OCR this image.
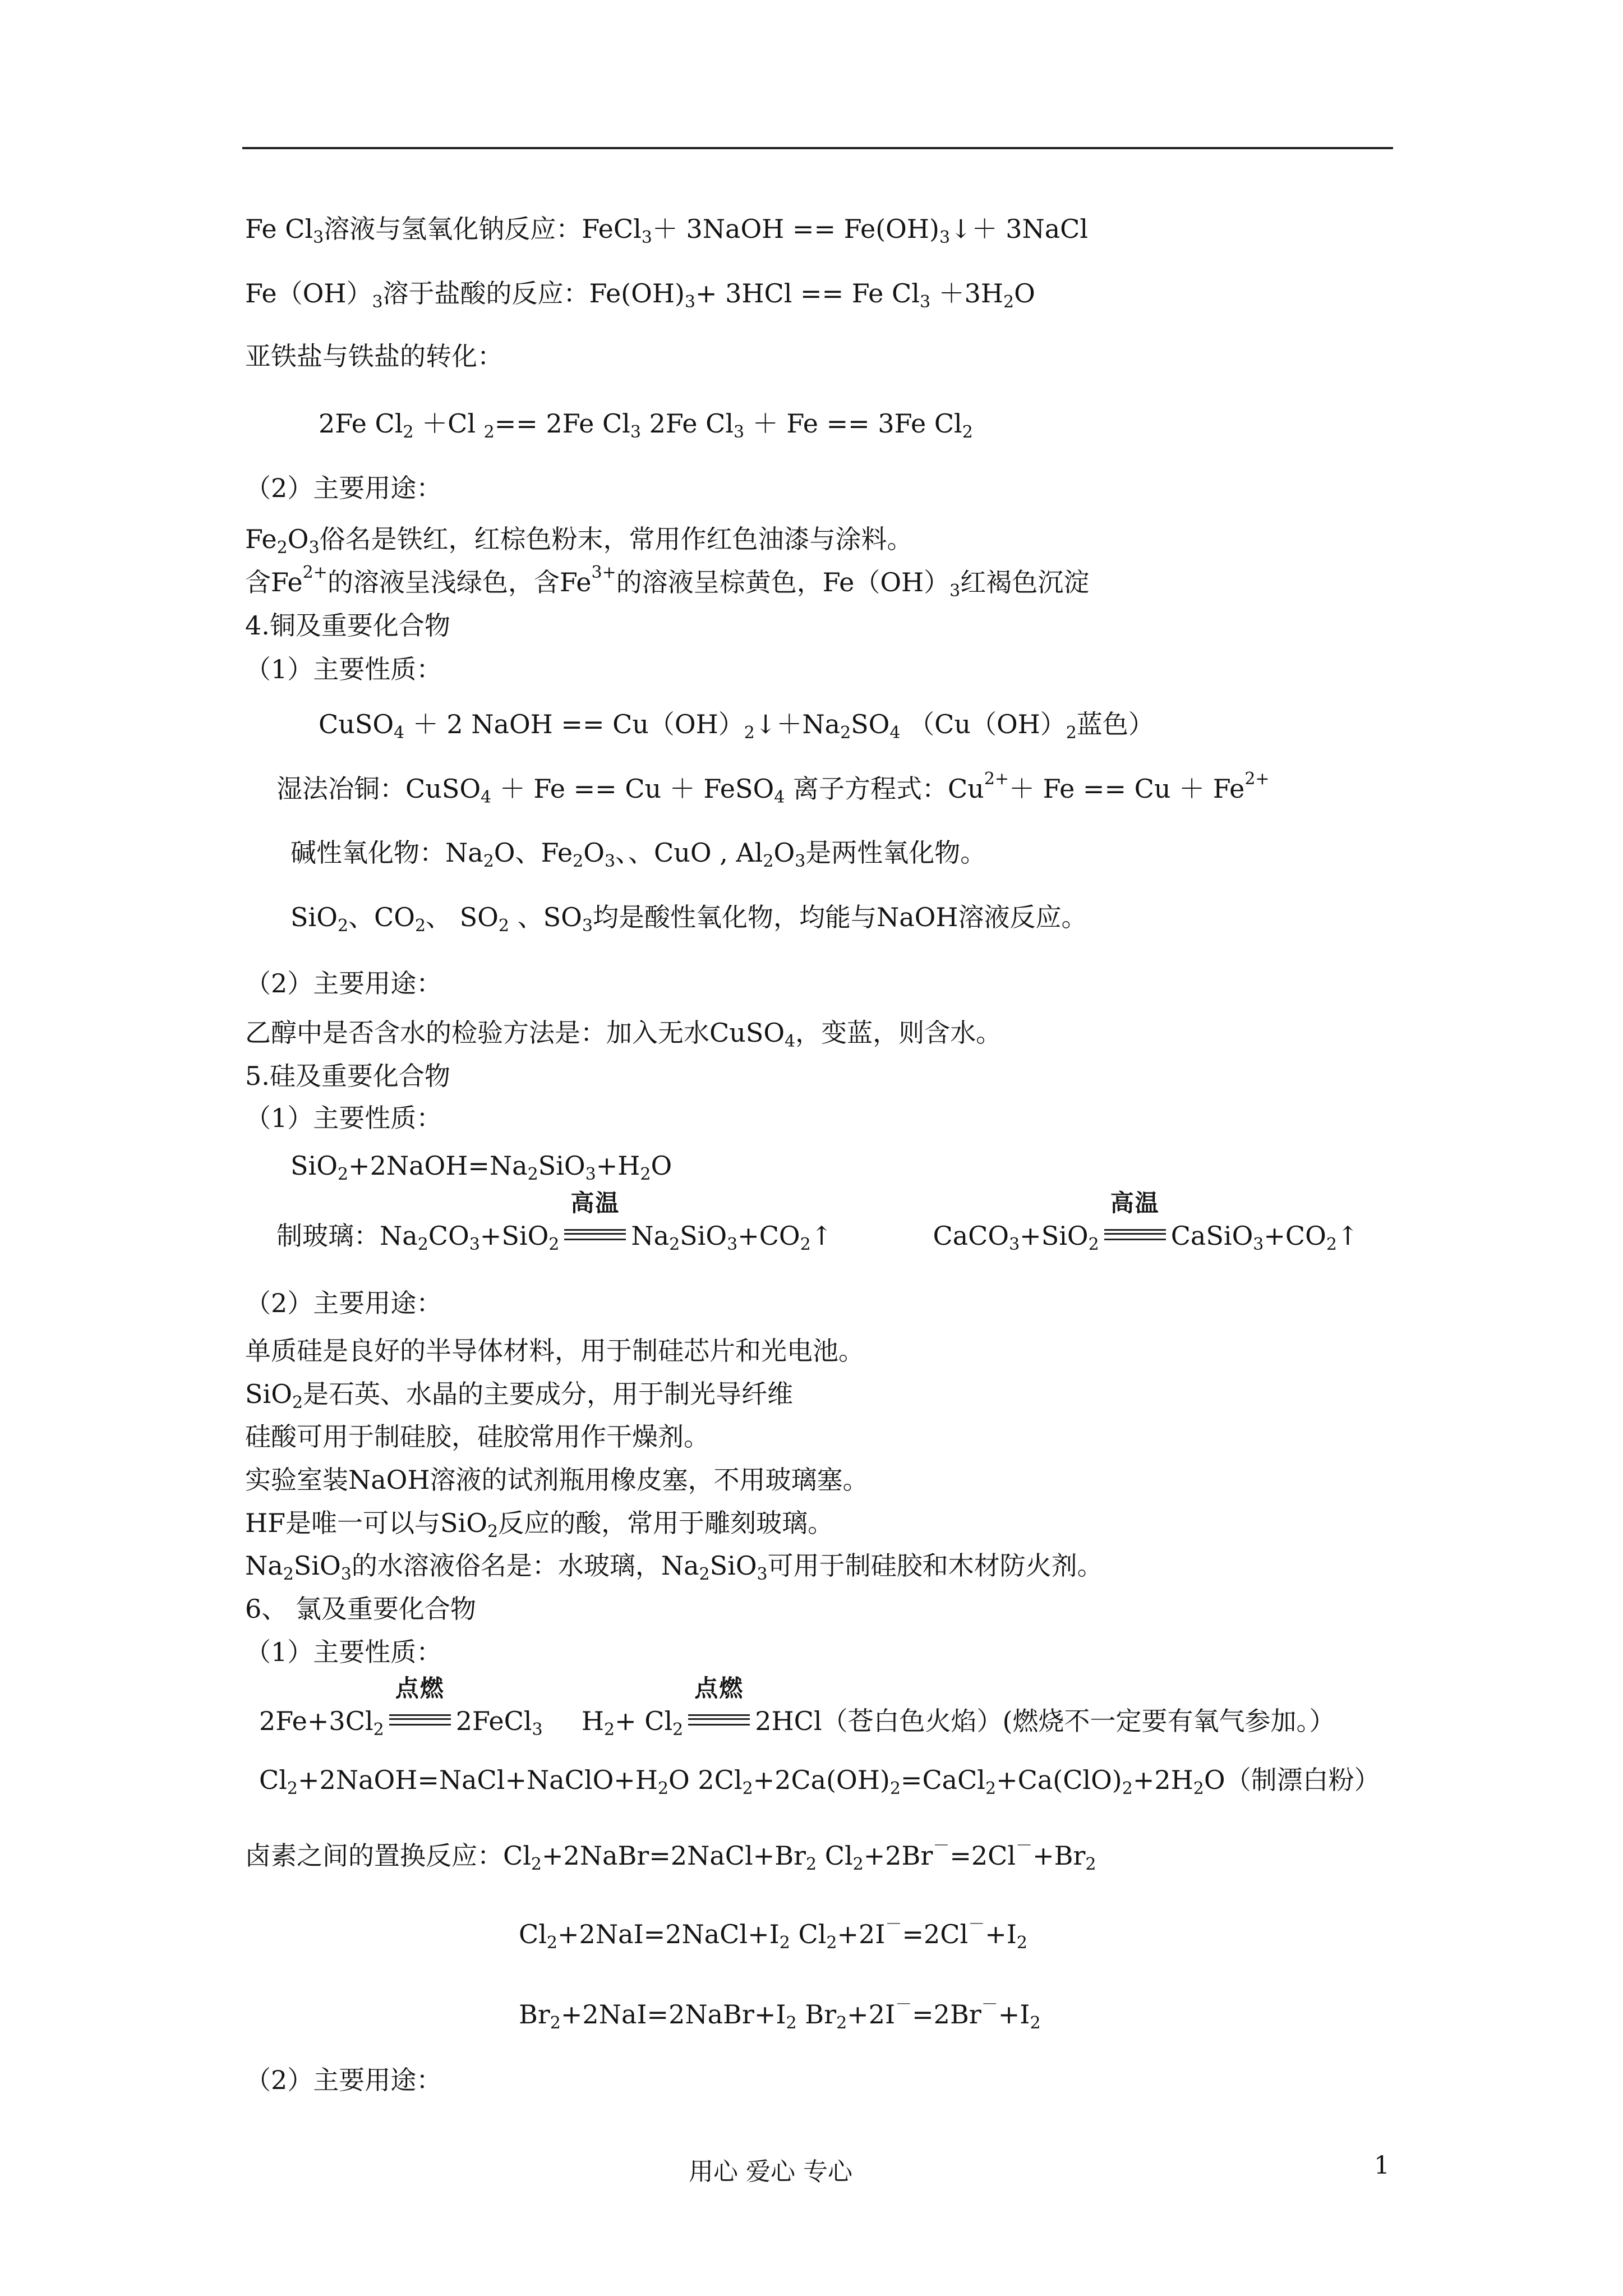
Fe $Cl_3$溶液与氢氧化钠反应：FeCl$_3$＋ 3NaOH == $Fe(OH)_3↓+$ 3NaCl
$Fe(OH)_3$溶于盐酸的反应：$Fe(OH)_3+ 3HCl == Fe$ $Cl_3 +3H_2O$
亚铁盐与铁盐的转化：
2Fe $Cl_2 +Cl$ $_2$== 2Fe $Cl_3$ 2Fe $Cl_3 + Fe == 3Fe$ $Cl_2$
（2）主要用途：
$Fe_2O_3$俗名是铁红，红棕色粉末，常用作红色油漆与涂料。
含$Fe^{2+}$的溶液呈浅绿色，含$Fe^{3+}$的溶液呈棕黄色，$Fe(OH)_3$红褐色沉淀
4.铜及重要化合物
（1）主要性质：
CuSO$_4$ ＋ 2 NaOH == $Cu(OH)_2↓+Na_2SO_4$ （$Cu(OH)_2$蓝色）
湿法冶铜：CuSO$_4$ ＋ Fe == Cu ＋ FeSO$_4$ 离子方程式：$Cu^{2+}+ Fe == Cu + Fe^{2+}$
碱性氧化物：$Na_2O$、$Fe_2O_3$、、CuO , $Al_2O_3$是两性氧化物。
SiO$_2$、$CO_2$、 $SO_2$ 、$SO_3$均是酸性氧化物，均能与NaOH溶液反应。
（2）主要用途：
乙醇中是否含水的检验方法是：加入无水CuSO$_4$，变蓝，则含水。
5.硅及重要化合物
（1）主要性质：
$SiO_2+2NaOH=Na_2SiO_3+H_2O$
（2）主要用途：
单质硅是良好的半导体材料，用于制硅芯片和光电池。
SiO$_2$是石英、水晶的主要成分，用于制光导纤维
硅酸可用于制硅胶，硅胶常用作干燥剂。
实验室装NaOH溶液的试剂瓶用橡皮塞，不用玻璃塞。
HF是唯一可以与SiO$_2$反应的酸，常用于雕刻玻璃。
$Na_2SiO_3$的水溶液俗名是：水玻璃，$Na_2SiO_3$可用于制硅胶和木材防火剂。
6、 氯及重要化合物
（1）主要性质：
$Cl_2+2NaOH=NaCl+NaClO+H_2O$ $2Cl_2+2Ca(OH)_2=CaCl_2+Ca(ClO)_2+2H_2O$（制漂白粉）
卤素之间的置换反应：$Cl_2+2NaBr=2NaCl+Br_2$ $Cl_2+2Br^-=2Cl^-+Br_2$
$Cl_2+2NaI=2NaCl+I_2$ $Cl_2+2I^-=2Cl^-+I_2$
$Br_2+2NaI=2NaBr+I_2$ $Br_2+2I^-=2Br^-+I_2$
（2）主要用途：
制玻璃：$Na_2CO_3+SiO_2$
高温
$Na_2SiO_3+CO_2↑$	CaCO$_3$+SiO$_2$
高温
$CaSiO_3+CO_2↑$
$2Fe+3Cl_2$
点燃
2FeCl$_3$ $H_2+ Cl_2$
点燃
2HCl（苍白色火焰）(燃烧不一定要有氧气参加。）
用心 爱心 专心	1
